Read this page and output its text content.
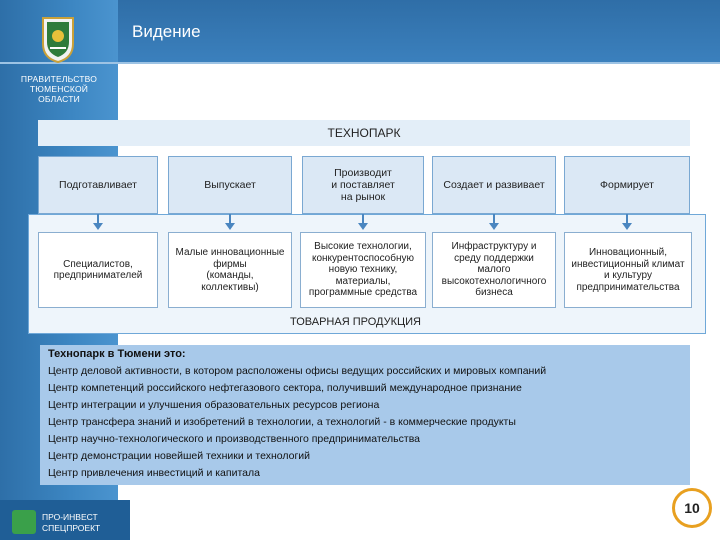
Видение
ПРАВИТЕЛЬСТВО
ТЮМЕНСКОЙ
ОБЛАСТИ
ТЕХНОПАРК
Подготавливает	Выпускает
Производит
и поставляет
на рынок
Создает и развивает	Формирует
Специалистов,
предпринимателей
Малые инновационные
фирмы
(команды,
коллективы)
Высокие технологии,
конкурентоспособную
новую технику,
материалы,
программные средства
Инфраструктуру и
среду поддержки
малого
высокотехнологичного
бизнеса
Инновационный,
инвестиционный климат
и культуру
предпринимательства
ТОВАРНАЯ ПРОДУКЦИЯ
Технопарк в Тюмени это:
Центр деловой активности, в котором расположены офисы ведущих российских и мировых компаний
Центр компетенций российского нефтегазового сектора, получивший международное признание
Центр интеграции и улучшения образовательных ресурсов региона
Центр трансфера знаний и изобретений в технологии, а технологий - в коммерческие продукты
Центр научно-технологического и производственного предпринимательства
Центр демонстрации новейшей техники и технологий
Центр привлечения инвестиций и капитала
ПРО-ИНВЕСТ
СПЕЦПРОЕКТ
10
